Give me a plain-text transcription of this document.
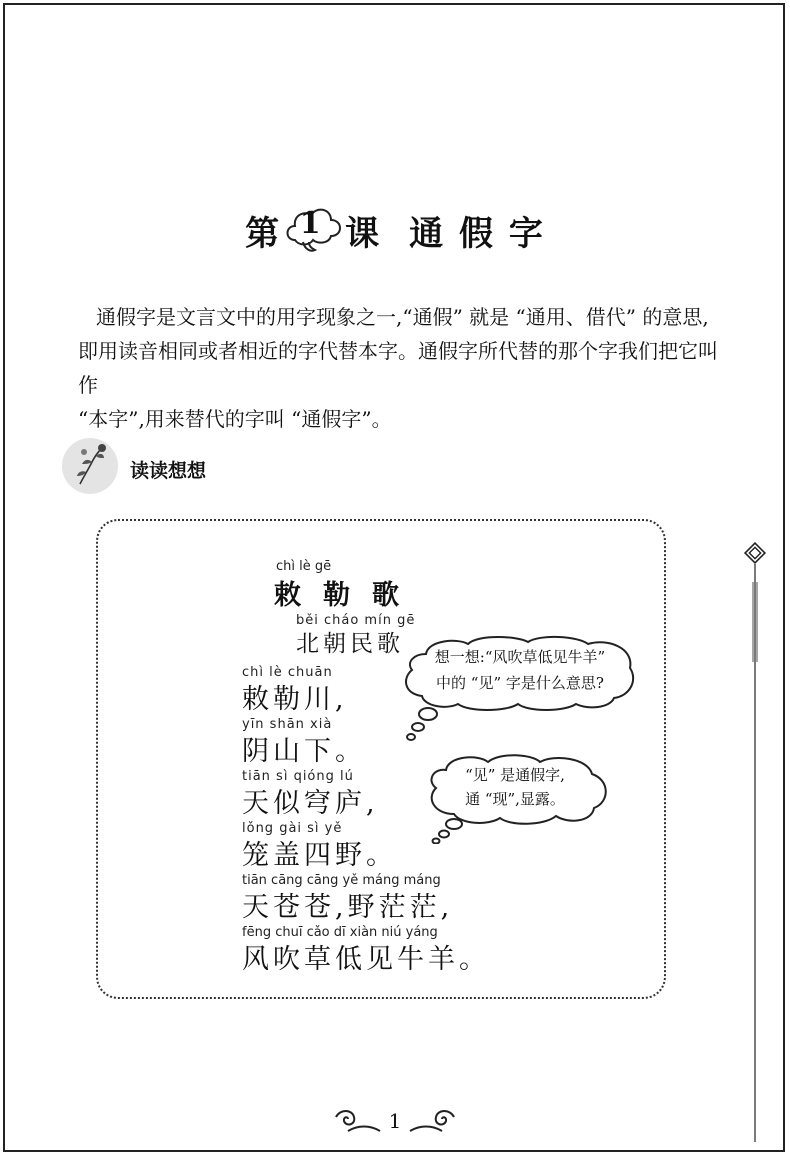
第 1 课 通 假 字

通假字是文言文中的用字现象之一,“通假” 就是 “通用、借代” 的意思,

即用读音相同或者相近的字代替本字。通假字所代替的那个字我们把它叫作

“本字”,用来替代的字叫 “通假字”。

读读想想
chì lè gē
敕勒歌
běi cháo mín gē
北朝民歌
chì lè chuān
敕勒川,
yīn shān xià
阴山下。
tiān sì qióng lú
天似穹庐,
lǒng gài sì yě
笼盖四野。
tiān cāng cāng yě máng máng
天苍苍,野茫茫,
fēng chuī cǎo dī xiàn niú yáng
风吹草低见牛羊。
想一想:“风吹草低见牛羊”
中的 “见” 字是什么意思?
“见” 是通假字,
通 “现”,显露。
1
